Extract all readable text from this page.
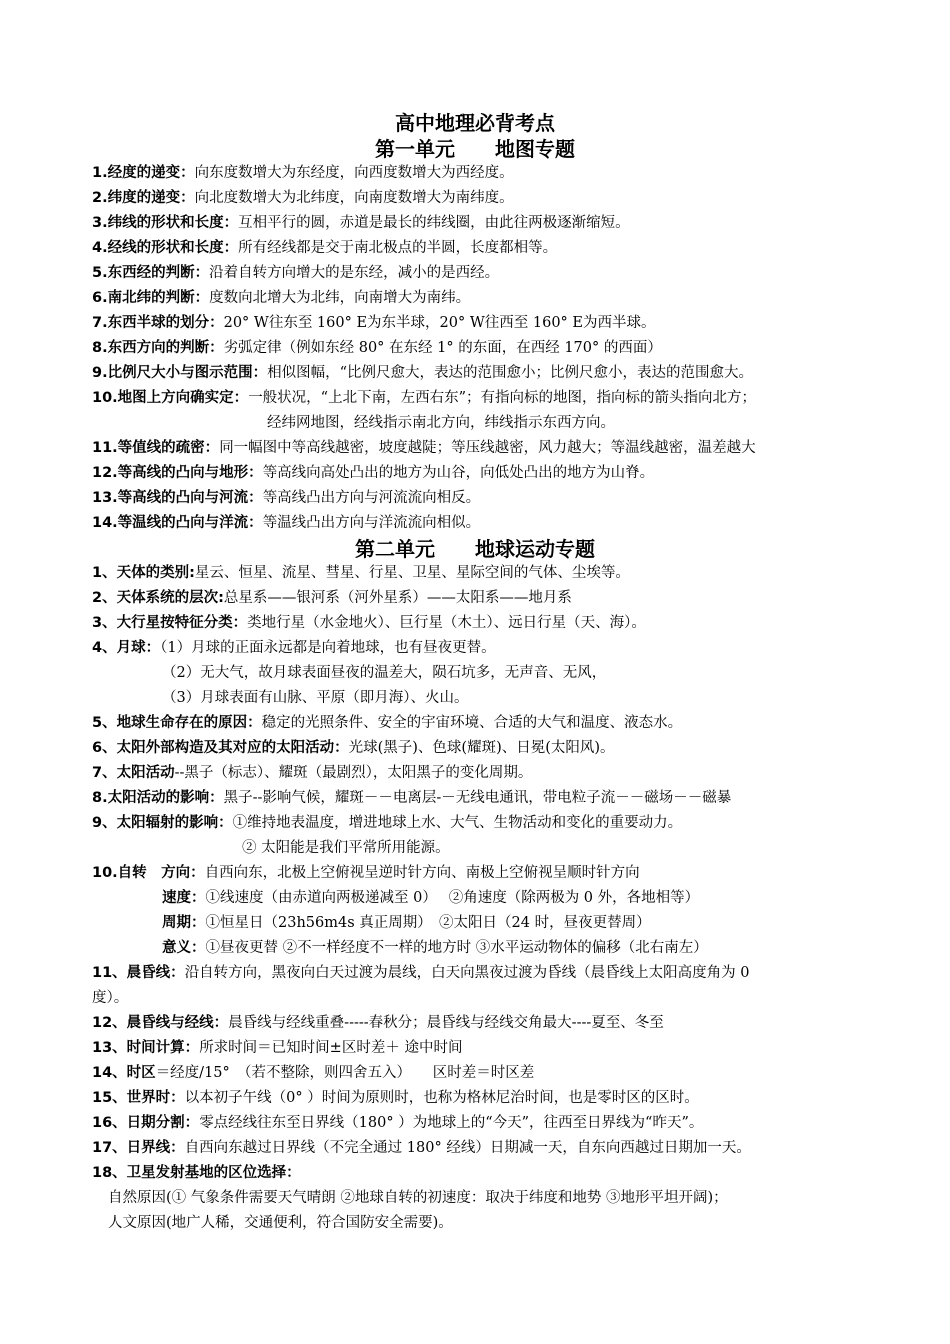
高中地理必背考点
第一单元　　地图专题
1.经度的递变：向东度数增大为东经度，向西度数增大为西经度。
2.纬度的递变：向北度数增大为北纬度，向南度数增大为南纬度。
3.纬线的形状和长度：互相平行的圆，赤道是最长的纬线圈，由此往两极逐渐缩短。
4.经线的形状和长度：所有经线都是交于南北极点的半圆，长度都相等。
5.东西经的判断：沿着自转方向增大的是东经，减小的是西经。
6.南北纬的判断：度数向北增大为北纬，向南增大为南纬。
7.东西半球的划分：20° W往东至 160° E为东半球，20° W往西至 160° E为西半球。
8.东西方向的判断：劣弧定律（例如东经 80° 在东经 1° 的东面，在西经 170° 的西面）
9.比例尺大小与图示范围：相似图幅，“比例尺愈大，表达的范围愈小；比例尺愈小，表达的范围愈大。
10.地图上方向确实定：一般状况，“上北下南，左西右东”；有指向标的地图，指向标的箭头指向北方；
经纬网地图，经线指示南北方向，纬线指示东西方向。
11.等值线的疏密：同一幅图中等高线越密，坡度越陡；等压线越密，风力越大；等温线越密，温差越大
12.等高线的凸向与地形：等高线向高处凸出的地方为山谷，向低处凸出的地方为山脊。
13.等高线的凸向与河流：等高线凸出方向与河流流向相反。
14.等温线的凸向与洋流：等温线凸出方向与洋流流向相似。
第二单元　　地球运动专题
1、天体的类别:星云、恒星、流星、彗星、行星、卫星、星际空间的气体、尘埃等。
2、天体系统的层次:总星系——银河系（河外星系）——太阳系——地月系
3、大行星按特征分类：类地行星（水金地火）、巨行星（木土）、远日行星（天、海）。
4、月球：（1）月球的正面永远都是向着地球，也有昼夜更替。
（2）无大气，故月球表面昼夜的温差大，陨石坑多，无声音、无风，
（3）月球表面有山脉、平原（即月海）、火山。
5、地球生命存在的原因：稳定的光照条件、安全的宇宙环境、合适的大气和温度、液态水。
6、太阳外部构造及其对应的太阳活动：光球(黑子)、色球(耀斑)、日冕(太阳风)。
7、太阳活动--黑子（标志）、耀斑（最剧烈），太阳黑子的变化周期。
8.太阳活动的影响：黑子--影响气候，耀斑－－电离层-－无线电通讯，带电粒子流－－磁场－－磁暴
9、太阳辐射的影响：①维持地表温度，增进地球上水、大气、生物活动和变化的重要动力。
② 太阳能是我们平常所用能源。
10.自转　方向：自西向东，北极上空俯视呈逆时针方向、南极上空俯视呈顺时针方向
速度：①线速度（由赤道向两极递减至 0）　 ②角速度（除两极为 0 外，各地相等）
周期：①恒星日（23h56m4s 真正周期）　②太阳日（24 时，昼夜更替周）
意义：①昼夜更替 ②不一样经度不一样的地方时 ③水平运动物体的偏移（北右南左）
11、晨昏线：沿自转方向，黑夜向白天过渡为晨线，白天向黑夜过渡为昏线（晨昏线上太阳高度角为 0
度）。
12、晨昏线与经线：晨昏线与经线重叠-----春秋分；晨昏线与经线交角最大----夏至、冬至
13、时间计算：所求时间＝已知时间±区时差＋ 途中时间
14、时区＝经度/15°　（若不整除，则四舍五入）　　区时差＝时区差
15、世界时：以本初子午线（0° ）时间为原则时，也称为格林尼治时间，也是零时区的区时。
16、日期分割：零点经线往东至日界线（180° ）为地球上的“今天”，往西至日界线为“昨天”。
17、日界线：自西向东越过日界线（不完全通过 180° 经线）日期减一天，自东向西越过日期加一天。
18、卫星发射基地的区位选择：
自然原因(① 气象条件需要天气晴朗 ②地球自转的初速度：取决于纬度和地势 ③地形平坦开阔)；
人文原因(地广人稀，交通便利，符合国防安全需要)。
